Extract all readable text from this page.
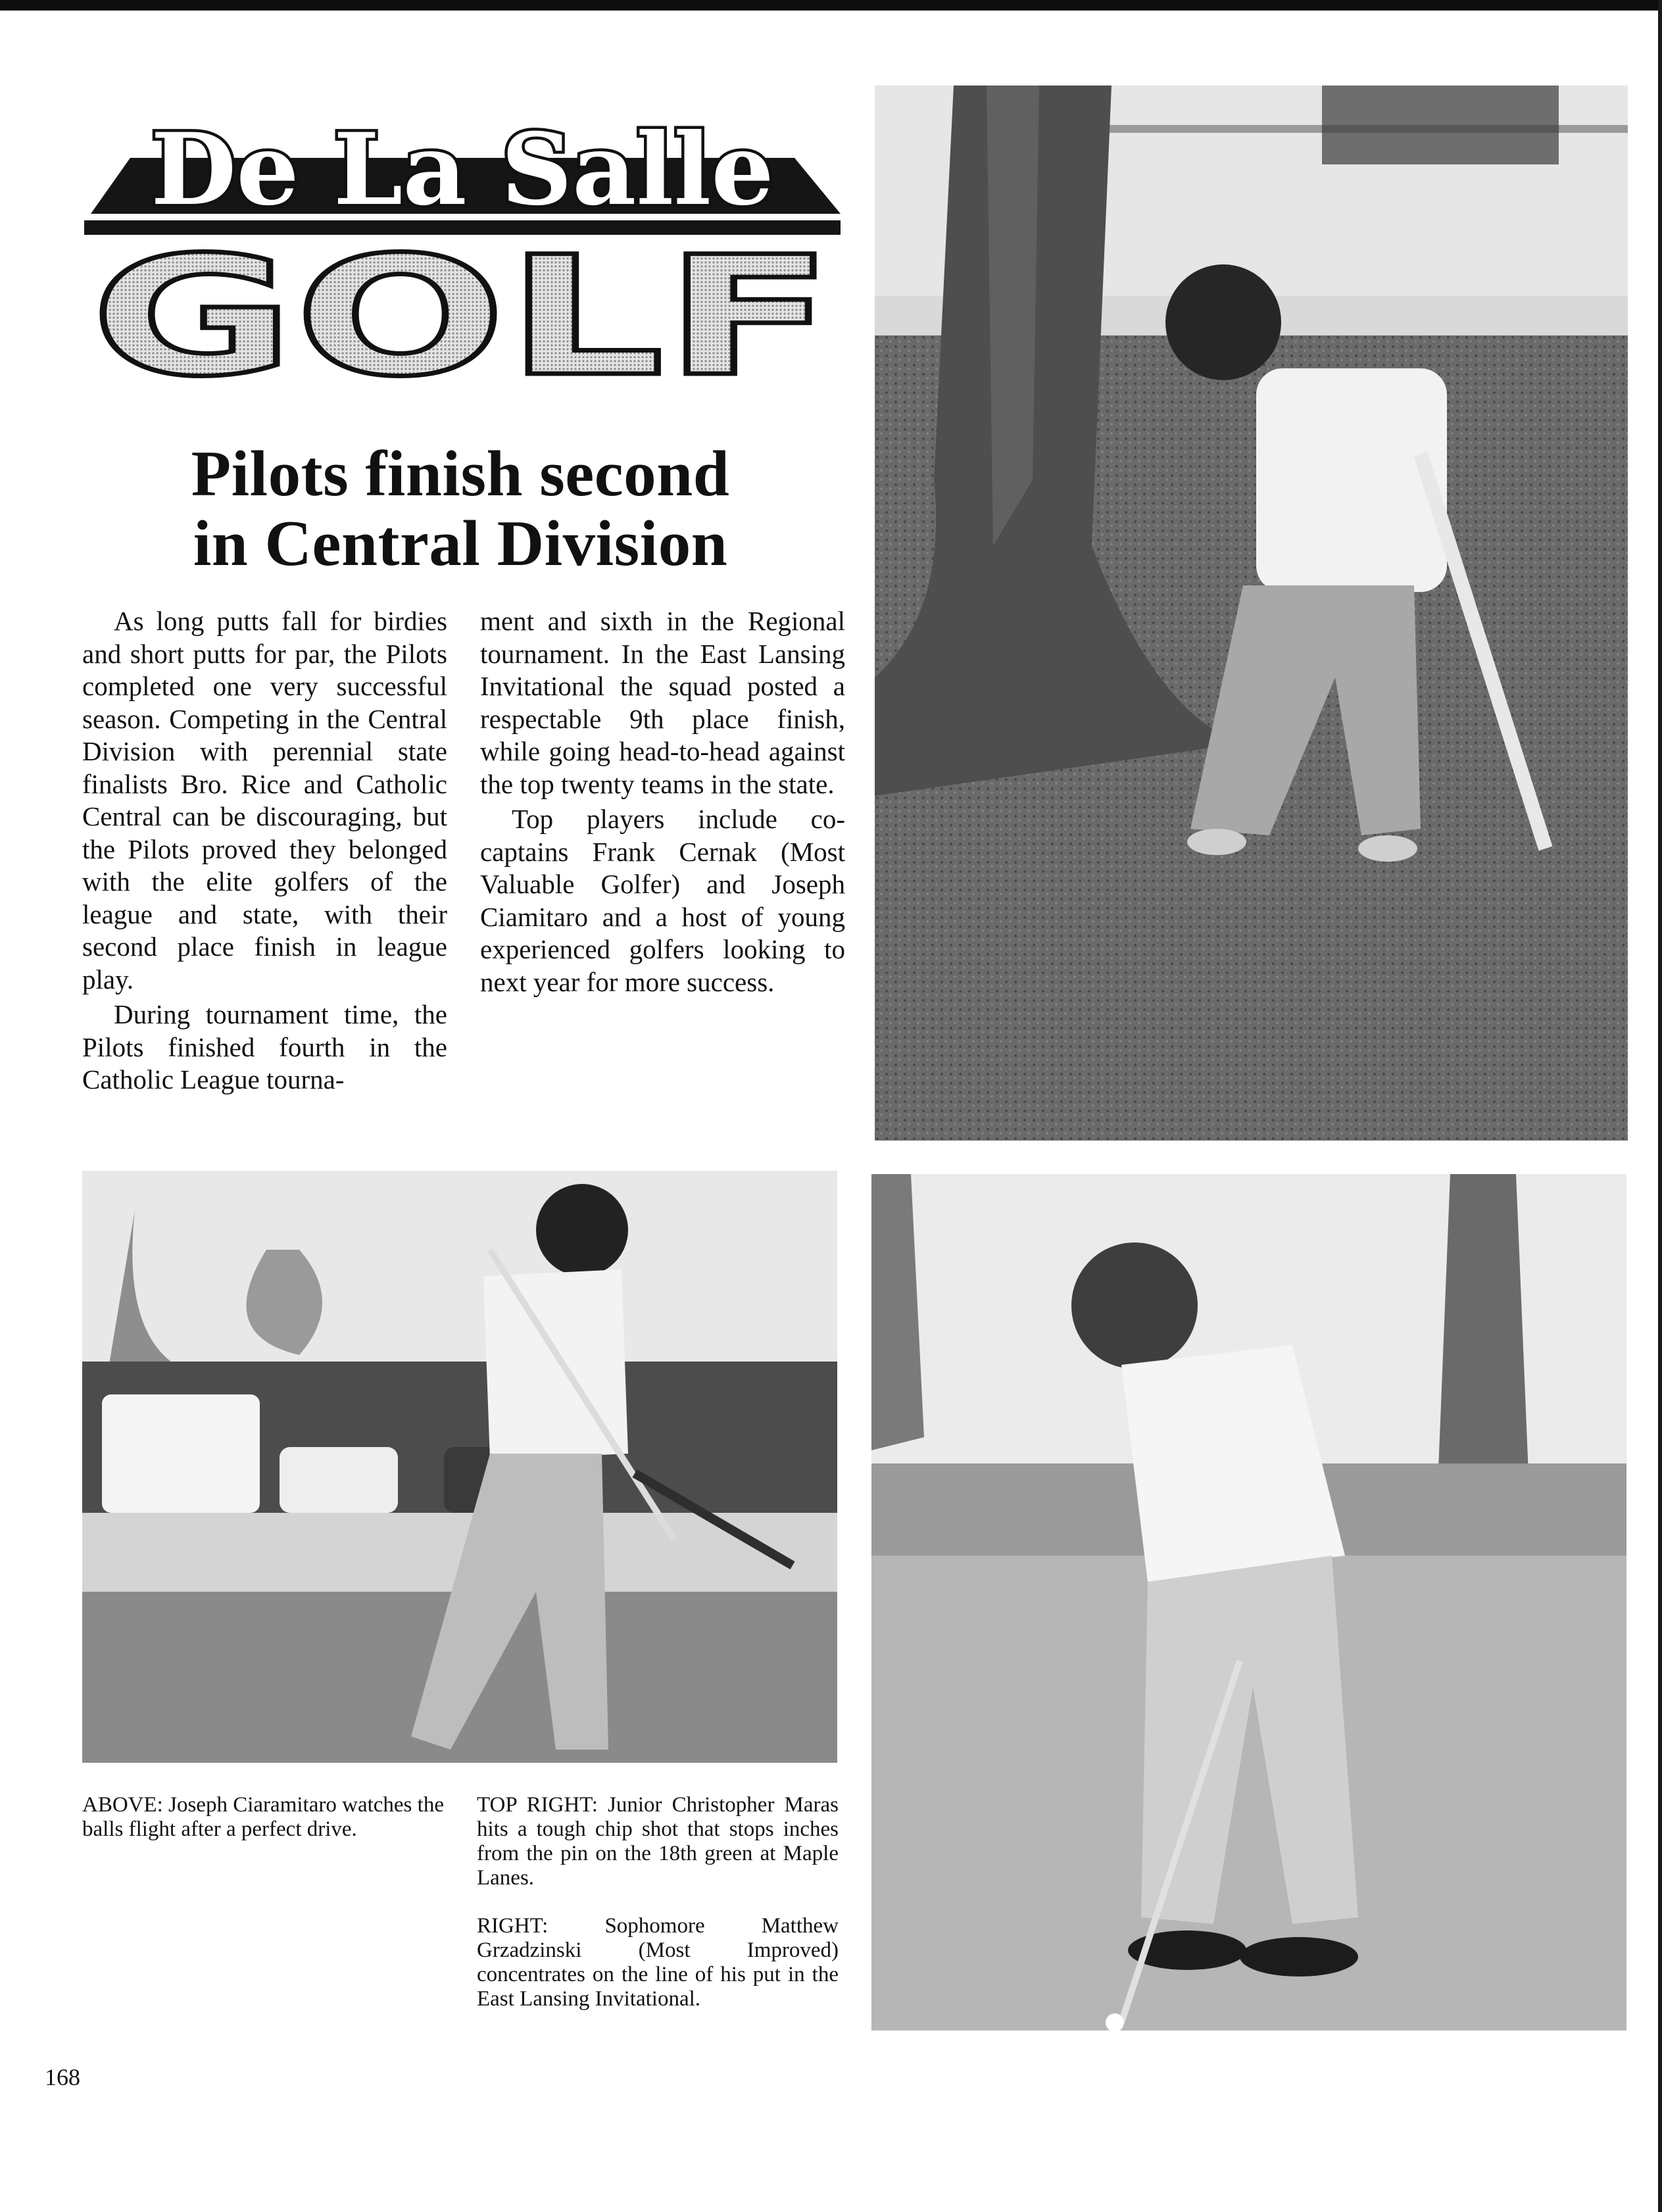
De La Salle
GOLF
Pilots finish second
in Central Division

As long putts fall for birdies and short putts for par, the Pilots completed one very successful season. Competing in the Central Division with perennial state finalists Bro. Rice and Catholic Central can be discouraging, but the Pilots proved they belonged with the elite golfers of the league and state, with their second place finish in league play.

During tournament time, the Pilots finished fourth in the Catholic League tourna-

ment and sixth in the Regional tournament. In the East Lansing Invitational the squad posted a respectable 9th place finish, while going head-to-head against the top twenty teams in the state.

Top players include co-captains Frank Cernak (Most Valuable Golfer) and Joseph Ciamitaro and a host of young experienced golfers looking to next year for more success.

ABOVE: Joseph Ciaramitaro watches the balls flight after a perfect drive.
TOP RIGHT: Junior Christopher Maras hits a tough chip shot that stops inches from the pin on the 18th green at Maple Lanes.
RIGHT: Sophomore Matthew Grzadzinski (Most Improved) concentrates on the line of his put in the East Lansing Invitational.
168
